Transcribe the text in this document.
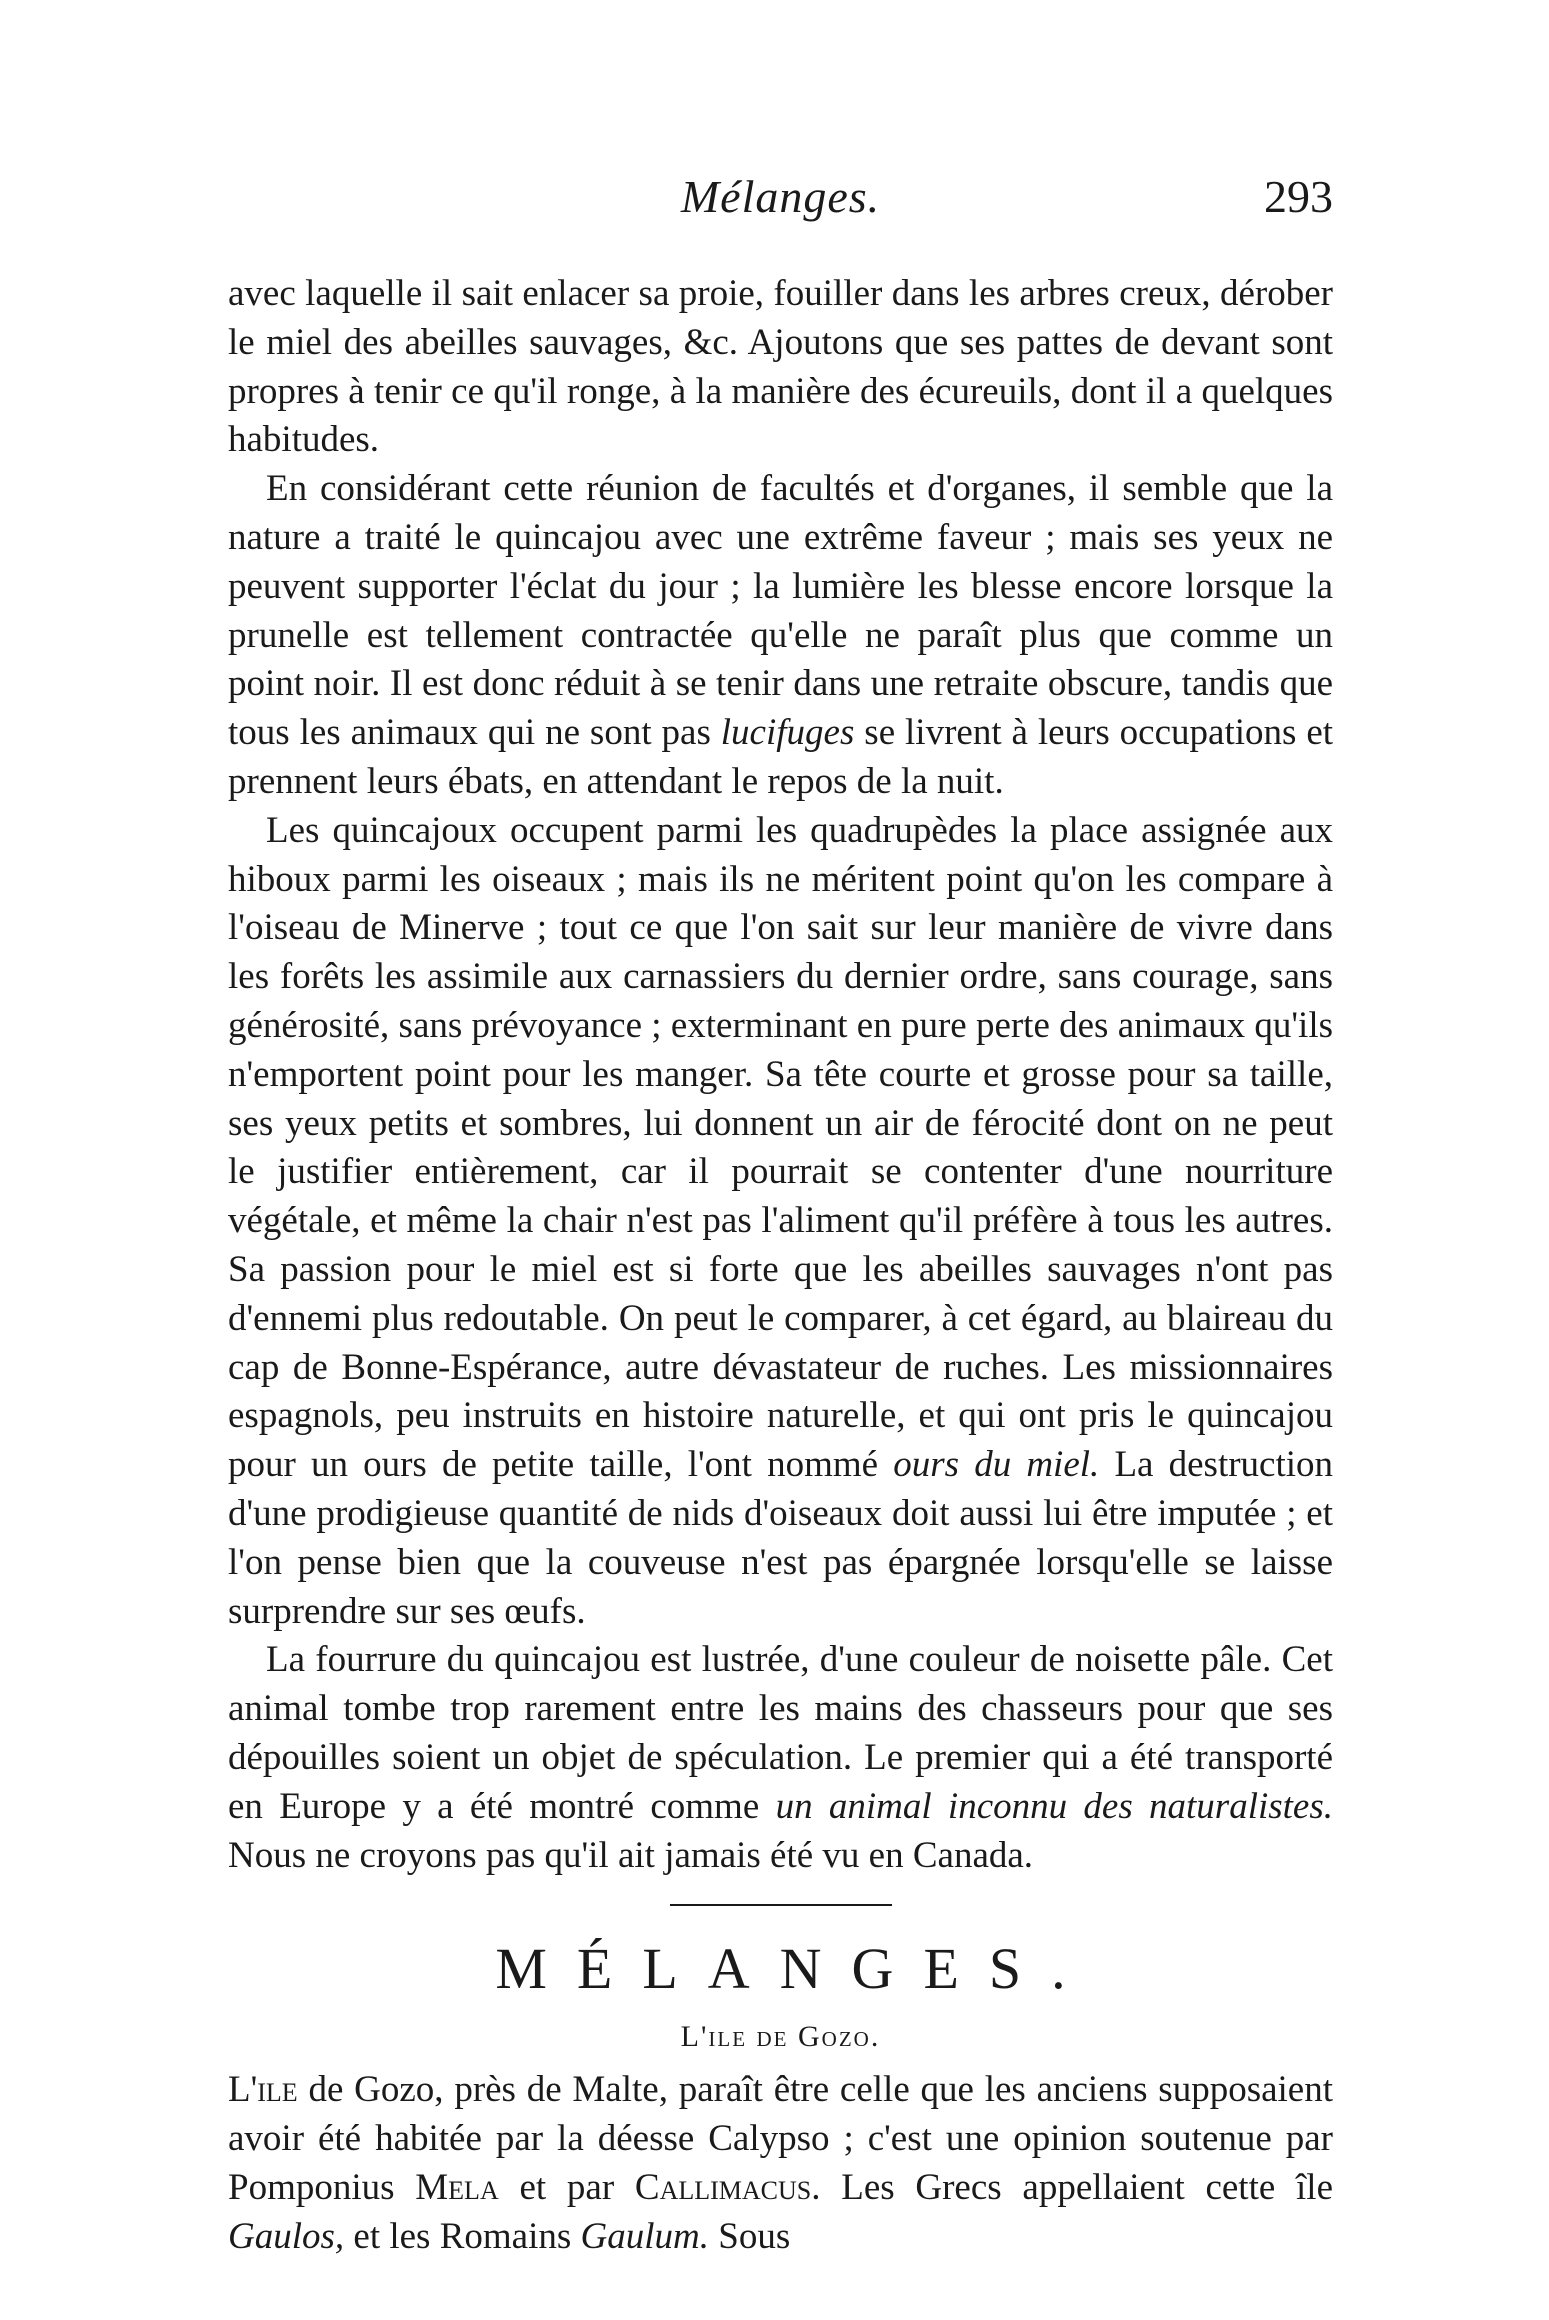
Mélanges.	293

avec laquelle il sait enlacer sa proie, fouiller dans les arbres creux, dérober le miel des abeilles sauvages, &c. Ajoutons que ses pattes de devant sont propres à tenir ce qu'il ronge, à la manière des écureuils, dont il a quelques habitudes.

En considérant cette réunion de facultés et d'organes, il semble que la nature a traité le quincajou avec une extrême faveur ; mais ses yeux ne peuvent supporter l'éclat du jour ; la lumière les blesse encore lorsque la prunelle est tellement contractée qu'elle ne paraît plus que comme un point noir. Il est donc réduit à se tenir dans une retraite obscure, tandis que tous les animaux qui ne sont pas lucifuges se livrent à leurs occupations et prennent leurs ébats, en attendant le repos de la nuit.

Les quincajoux occupent parmi les quadrupèdes la place assignée aux hiboux parmi les oiseaux ; mais ils ne méritent point qu'on les compare à l'oiseau de Minerve ; tout ce que l'on sait sur leur manière de vivre dans les forêts les assimile aux carnassiers du dernier ordre, sans courage, sans générosité, sans prévoyance ; exterminant en pure perte des animaux qu'ils n'emportent point pour les manger. Sa tête courte et grosse pour sa taille, ses yeux petits et sombres, lui donnent un air de férocité dont on ne peut le justifier entièrement, car il pourrait se contenter d'une nourriture végétale, et même la chair n'est pas l'aliment qu'il préfère à tous les autres. Sa passion pour le miel est si forte que les abeilles sauvages n'ont pas d'ennemi plus redoutable. On peut le comparer, à cet égard, au blaireau du cap de Bonne-Espérance, autre dévastateur de ruches. Les missionnaires espagnols, peu instruits en histoire naturelle, et qui ont pris le quincajou pour un ours de petite taille, l'ont nommé ours du miel. La destruction d'une prodigieuse quantité de nids d'oiseaux doit aussi lui être imputée ; et l'on pense bien que la couveuse n'est pas épargnée lorsqu'elle se laisse surprendre sur ses œufs.

La fourrure du quincajou est lustrée, d'une couleur de noisette pâle. Cet animal tombe trop rarement entre les mains des chasseurs pour que ses dépouilles soient un objet de spéculation. Le premier qui a été transporté en Europe y a été montré comme un animal inconnu des naturalistes. Nous ne croyons pas qu'il ait jamais été vu en Canada.

MÉLANGES.
L'ile de Gozo.

L'ile de Gozo, près de Malte, paraît être celle que les anciens supposaient avoir été habitée par la déesse Calypso ; c'est une opinion soutenue par Pomponius Mela et par Callimacus. Les Grecs appellaient cette île Gaulos, et les Romains Gaulum. Sous
